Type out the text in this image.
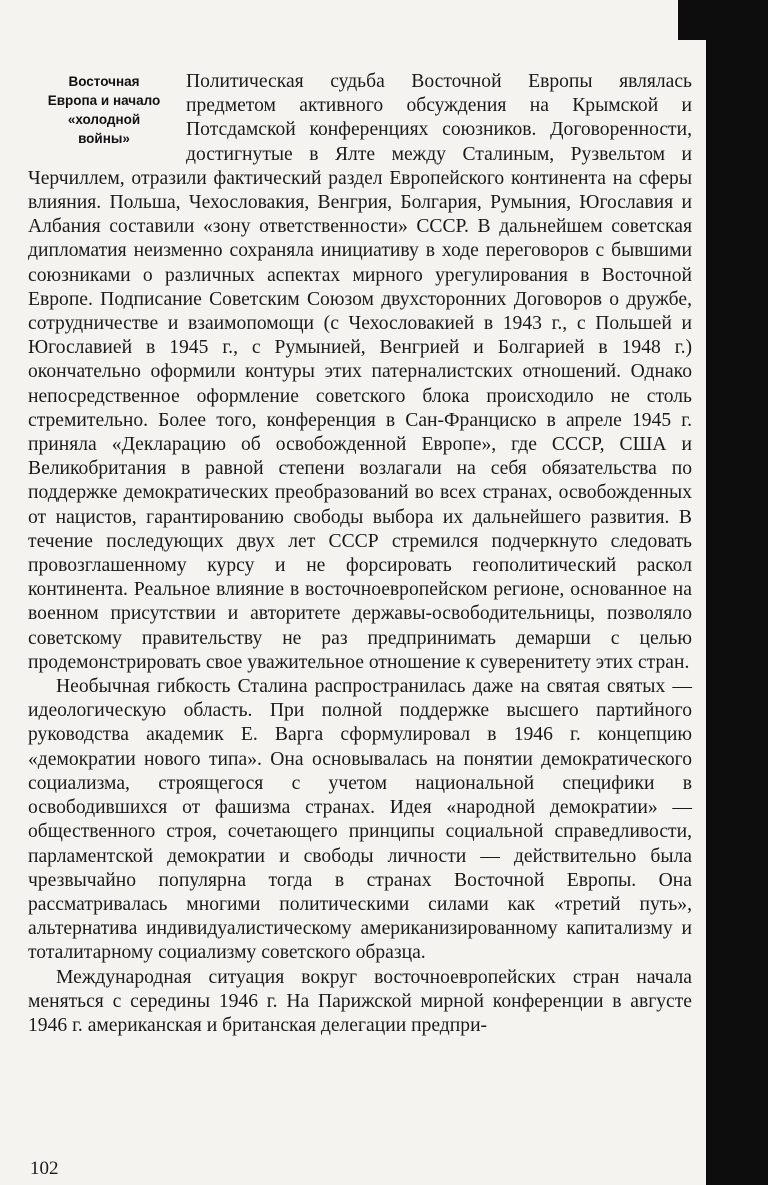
Восточная
Европа и начало
«холодной
войны»

Политическая судьба Восточной Европы являлась предметом активного обсуждения на Крымской и Потсдамской конференциях союзников. Договоренности, достигнутые в Ялте между Сталиным, Рузвельтом и Черчиллем, отразили фактический раздел Европейского континента на сферы влияния. Польша, Чехословакия, Венгрия, Болгария, Румыния, Югославия и Албания составили «зону ответственности» СССР. В дальнейшем советская дипломатия неизменно сохраняла инициативу в ходе переговоров с бывшими союзниками о различных аспектах мирного урегулирования в Восточной Европе. Подписание Советским Союзом двухсторонних Договоров о дружбе, сотрудничестве и взаимопомощи (с Чехословакией в 1943 г., с Польшей и Югославией в 1945 г., с Румынией, Венгрией и Болгарией в 1948 г.) окончательно оформили контуры этих патерналистских отношений. Однако непосредственное оформление советского блока происходило не столь стремительно. Более того, конференция в Сан-Франциско в апреле 1945 г. приняла «Декларацию об освобожденной Европе», где СССР, США и Великобритания в равной степени возлагали на себя обязательства по поддержке демократических преобразований во всех странах, освобожденных от нацистов, гарантированию свободы выбора их дальнейшего развития. В течение последующих двух лет СССР стремился подчеркнуто следовать провозглашенному курсу и не форсировать геополитический раскол континента. Реальное влияние в восточноевропейском регионе, основанное на военном присутствии и авторитете державы-освободительницы, позволяло советскому правительству не раз предпринимать демарши с целью продемонстрировать свое уважительное отношение к суверенитету этих стран.

Необычная гибкость Сталина распространилась даже на святая святых — идеологическую область. При полной поддержке высшего партийного руководства академик Е. Варга сформулировал в 1946 г. концепцию «демократии нового типа». Она основывалась на понятии демократического социализма, строящегося с учетом национальной специфики в освободившихся от фашизма странах. Идея «народной демократии» — общественного строя, сочетающего принципы социальной справедливости, парламентской демократии и свободы личности — действительно была чрезвычайно популярна тогда в странах Восточной Европы. Она рассматривалась многими политическими силами как «третий путь», альтернатива индивидуалистическому американизированному капитализму и тоталитарному социализму советского образца.

Международная ситуация вокруг восточноевропейских стран начала меняться с середины 1946 г. На Парижской мирной конференции в августе 1946 г. американская и британская делегации предпри-

102
